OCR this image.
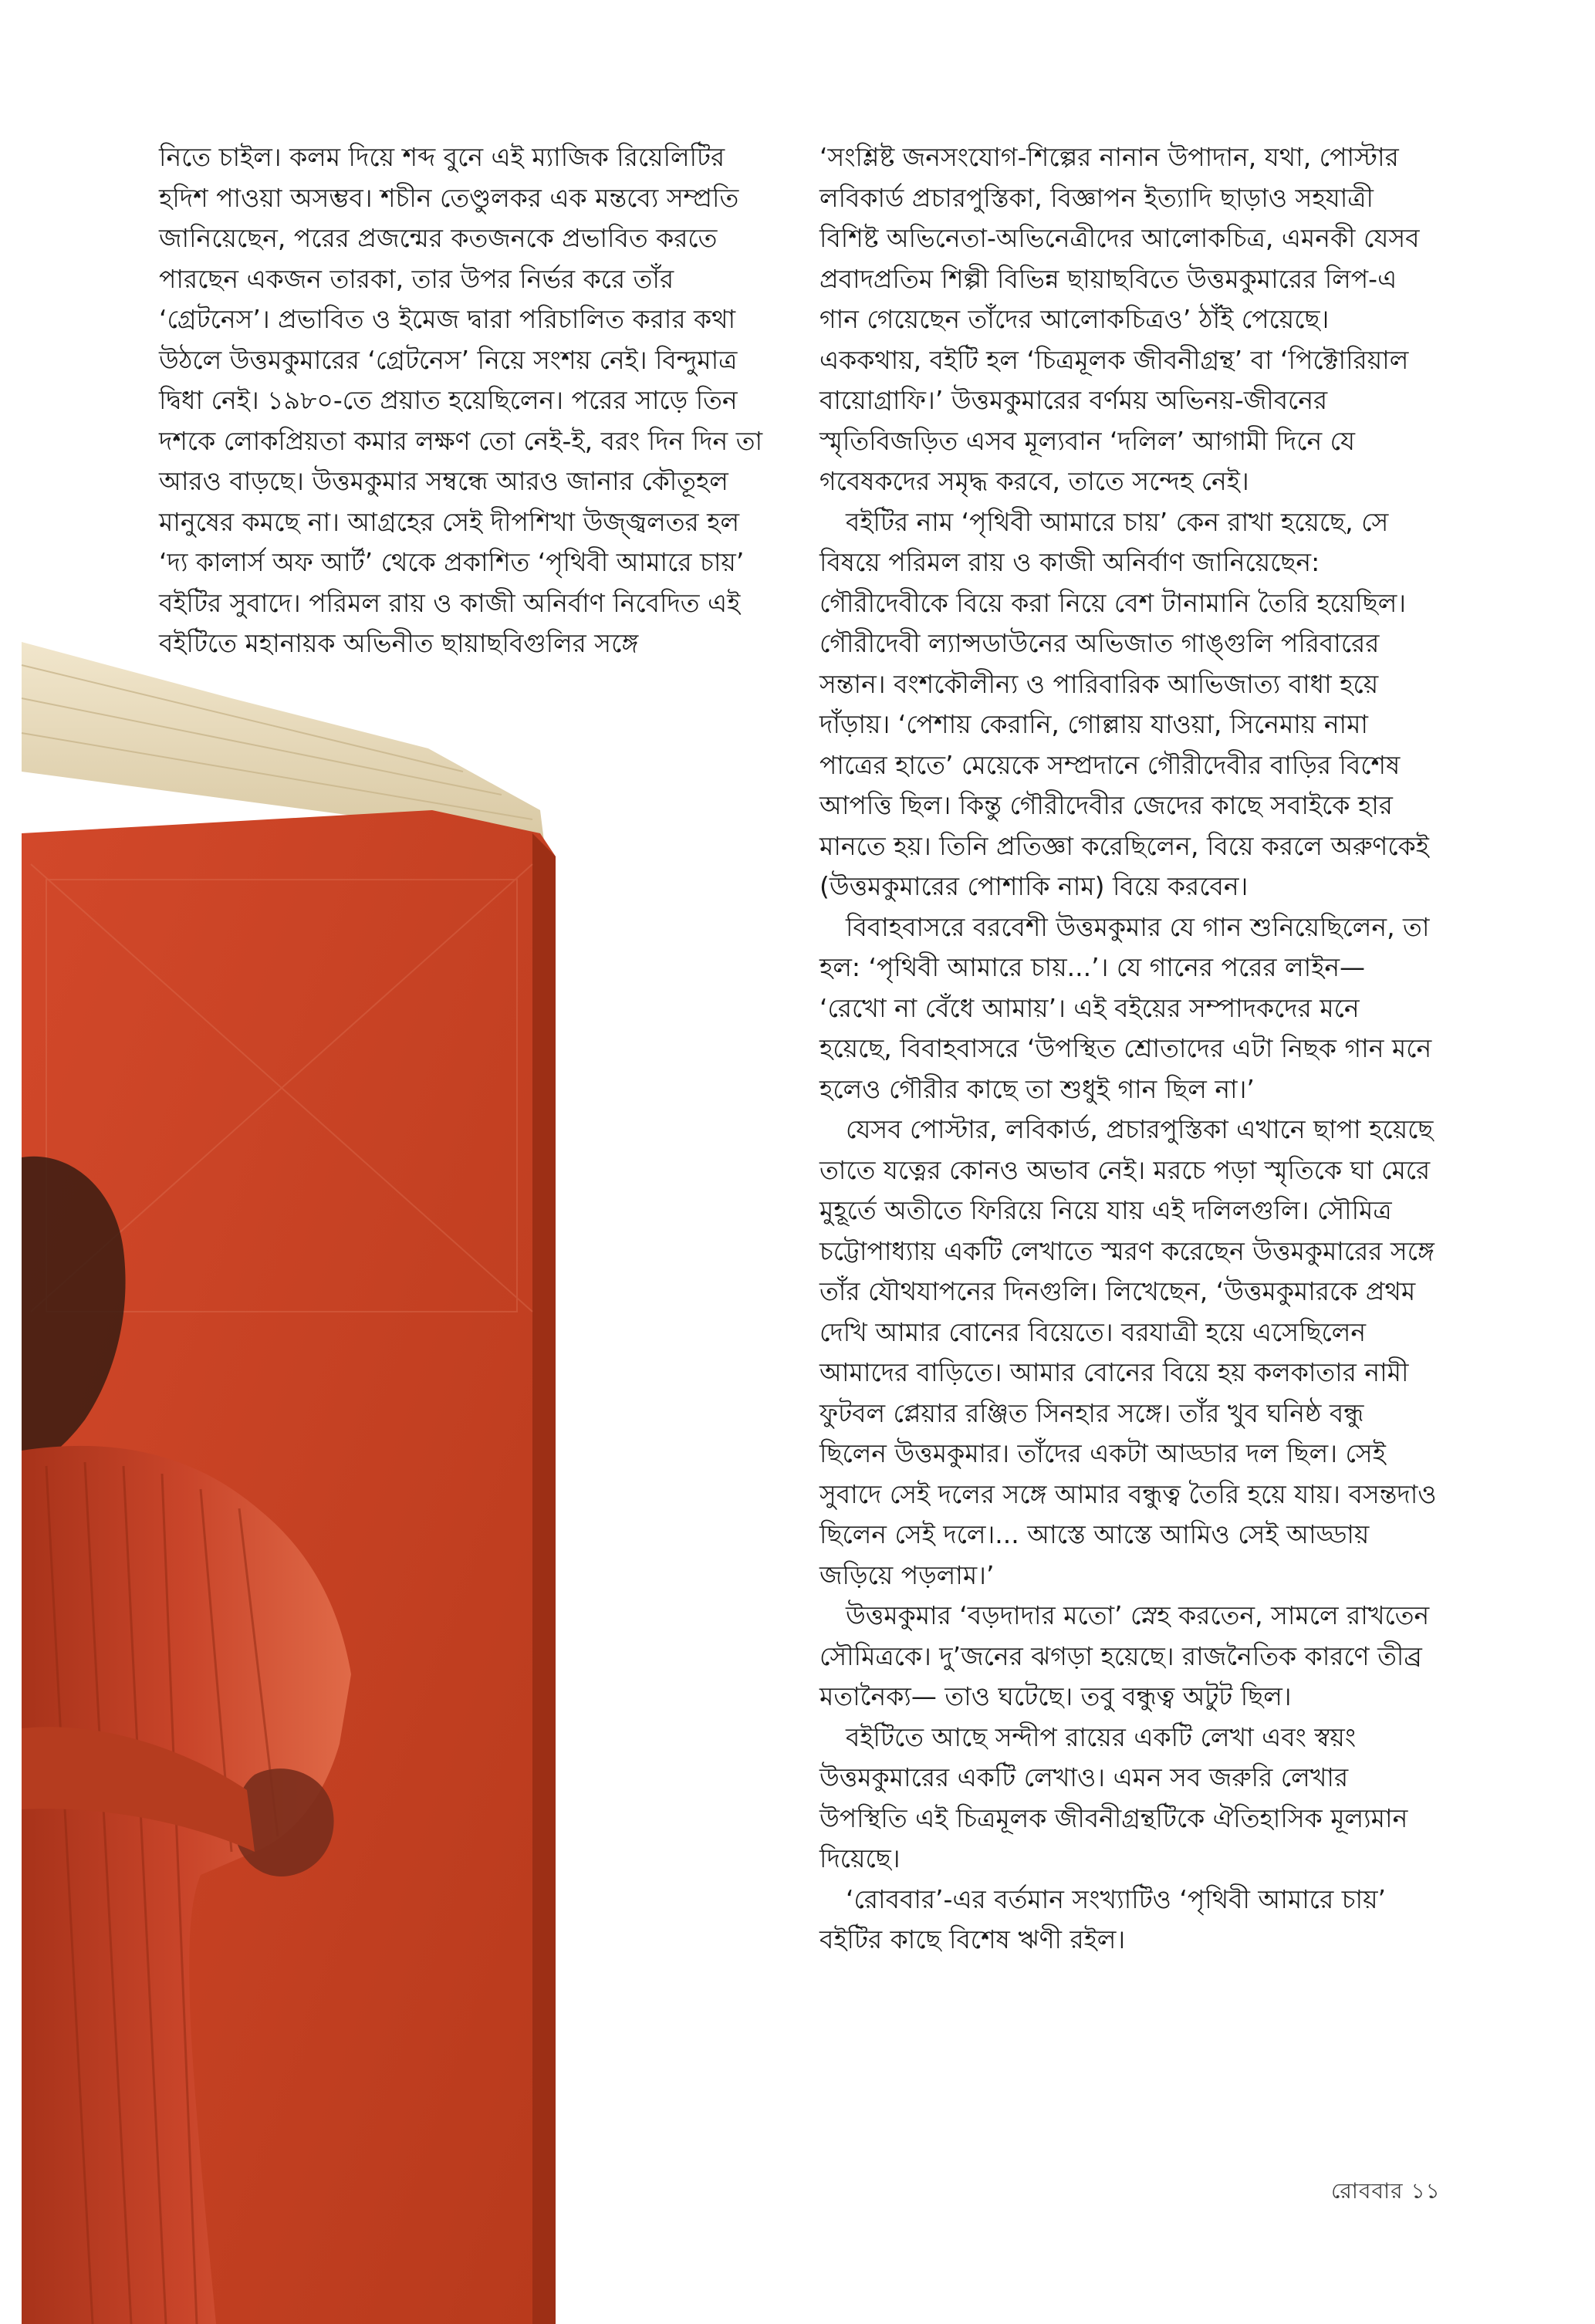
নিতে চাইল। কলম দিয়ে শব্দ বুনে এই ম্যাজিক রিয়েলিটির হদিশ পাওয়া অসম্ভব। শচীন তেণ্ডুলকর এক মন্তব্যে সম্প্রতি জানিয়েছেন, পরের প্রজন্মের কতজনকে প্রভাবিত করতে পারছেন একজন তারকা, তার উপর নির্ভর করে তাঁর ‘গ্রেটনেস’। প্রভাবিত ও ইমেজ দ্বারা পরিচালিত করার কথা উঠলে উত্তমকুমারের ‘গ্রেটনেস’ নিয়ে সংশয় নেই। বিন্দুমাত্র দ্বিধা নেই। ১৯৮০-তে প্রয়াত হয়েছিলেন। পরের সাড়ে তিন দশকে লোকপ্রিয়তা কমার লক্ষণ তো নেই-ই, বরং দিন দিন তা আরও বাড়ছে। উত্তমকুমার সম্বন্ধে আরও জানার কৌতূহল মানুষের কমছে না। আগ্রহের সেই দীপশিখা উজ্জ্বলতর হল ‘দ্য কালার্স অফ আর্ট’ থেকে প্রকাশিত ‘পৃথিবী আমারে চায়’ বইটির সুবাদে। পরিমল রায় ও কাজী অনির্বাণ নিবেদিত এই বইটিতে মহানায়ক অভিনীত ছায়াছবিগুলির সঙ্গে

‘সংশ্লিষ্ট জনসংযোগ-শিল্পের নানান উপাদান, যথা, পোস্টার লবিকার্ড প্রচারপুস্তিকা, বিজ্ঞাপন ইত্যাদি ছাড়াও সহযাত্রী বিশিষ্ট অভিনেতা-অভিনেত্রীদের আলোকচিত্র, এমনকী যেসব প্রবাদপ্রতিম শিল্পী বিভিন্ন ছায়াছবিতে উত্তমকুমারের লিপ-এ গান গেয়েছেন তাঁদের আলোকচিত্রও’ ঠাঁই পেয়েছে। এককথায়, বইটি হল ‘চিত্রমূলক জীবনীগ্রন্থ’ বা ‘পিক্টোরিয়াল বায়োগ্রাফি।’ উত্তমকুমারের বর্ণময় অভিনয়-জীবনের স্মৃতিবিজড়িত এসব মূল্যবান ‘দলিল’ আগামী দিনে যে গবেষকদের সমৃদ্ধ করবে, তাতে সন্দেহ নেই।

বইটির নাম ‘পৃথিবী আমারে চায়’ কেন রাখা হয়েছে, সে বিষয়ে পরিমল রায় ও কাজী অনির্বাণ জানিয়েছেন: গৌরীদেবীকে বিয়ে করা নিয়ে বেশ টানামানি তৈরি হয়েছিল। গৌরীদেবী ল্যান্সডাউনের অভিজাত গাঙ্গুলি পরিবারের সন্তান। বংশকৌলীন্য ও পারিবারিক আভিজাত্য বাধা হয়ে দাঁড়ায়। ‘পেশায় কেরানি, গোল্লায় যাওয়া, সিনেমায় নামা পাত্রের হাতে’ মেয়েকে সম্প্রদানে গৌরীদেবীর বাড়ির বিশেষ আপত্তি ছিল। কিন্তু গৌরীদেবীর জেদের কাছে সবাইকে হার মানতে হয়। তিনি প্রতিজ্ঞা করেছিলেন, বিয়ে করলে অরুণকেই (উত্তমকুমারের পোশাকি নাম) বিয়ে করবেন।

বিবাহবাসরে বরবেশী উত্তমকুমার যে গান শুনিয়েছিলেন, তা হল: ‘পৃথিবী আমারে চায়...’। যে গানের পরের লাইন— ‘রেখো না বেঁধে আমায়’। এই বইয়ের সম্পাদকদের মনে হয়েছে, বিবাহবাসরে ‘উপস্থিত শ্রোতাদের এটা নিছক গান মনে হলেও গৌরীর কাছে তা শুধুই গান ছিল না।’

যেসব পোস্টার, লবিকার্ড, প্রচারপুস্তিকা এখানে ছাপা হয়েছে তাতে যত্নের কোনও অভাব নেই। মরচে পড়া স্মৃতিকে ঘা মেরে মুহূর্তে অতীতে ফিরিয়ে নিয়ে যায় এই দলিলগুলি। সৌমিত্র চট্টোপাধ্যায় একটি লেখাতে স্মরণ করেছেন উত্তমকুমারের সঙ্গে তাঁর যৌথযাপনের দিনগুলি। লিখেছেন, ‘উত্তমকুমারকে প্রথম দেখি আমার বোনের বিয়েতে। বরযাত্রী হয়ে এসেছিলেন আমাদের বাড়িতে। আমার বোনের বিয়ে হয় কলকাতার নামী ফুটবল প্লেয়ার রঞ্জিত সিনহার সঙ্গে। তাঁর খুব ঘনিষ্ঠ বন্ধু ছিলেন উত্তমকুমার। তাঁদের একটা আড্ডার দল ছিল। সেই সুবাদে সেই দলের সঙ্গে আমার বন্ধুত্ব তৈরি হয়ে যায়। বসন্তদাও ছিলেন সেই দলে।... আস্তে আস্তে আমিও সেই আড্ডায় জড়িয়ে পড়লাম।’

উত্তমকুমার ‘বড়দাদার মতো’ স্নেহ করতেন, সামলে রাখতেন সৌমিত্রকে। দু’জনের ঝগড়া হয়েছে। রাজনৈতিক কারণে তীব্র মতানৈক্য— তাও ঘটেছে। তবু বন্ধুত্ব অটুট ছিল।

বইটিতে আছে সন্দীপ রায়ের একটি লেখা এবং স্বয়ং উত্তমকুমারের একটি লেখাও। এমন সব জরুরি লেখার উপস্থিতি এই চিত্রমূলক জীবনীগ্রন্থটিকে ঐতিহাসিক মূল্যমান দিয়েছে।

‘রোববার’-এর বর্তমান সংখ্যাটিও ‘পৃথিবী আমারে চায়’ বইটির কাছে বিশেষ ঋণী রইল।

রোববার ১১
